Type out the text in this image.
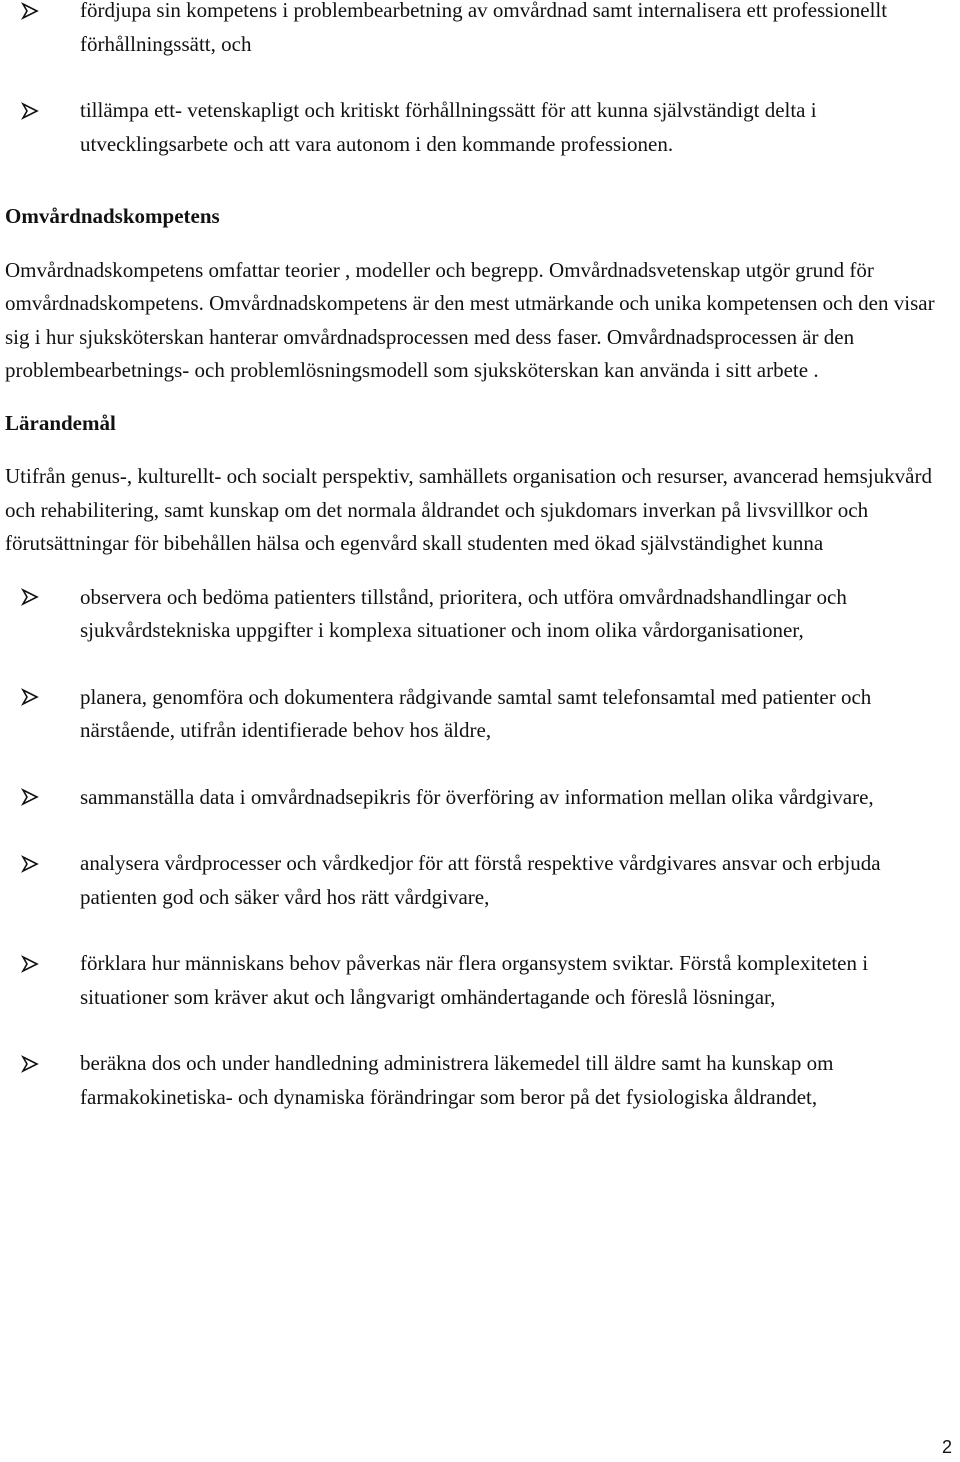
fördjupa sin kompetens i problembearbetning av omvårdnad samt internalisera ett professionellt förhållningssätt, och
tillämpa ett- vetenskapligt och kritiskt förhållningssätt för att kunna självständigt delta i utvecklingsarbete och att vara autonom i den kommande professionen.

Omvårdnadskompetens

Omvårdnadskompetens omfattar teorier , modeller och begrepp. Omvårdnadsvetenskap utgör grund för omvårdnadskompetens. Omvårdnadskompetens är den mest utmärkande och unika kompetensen och den visar sig i hur sjuksköterskan hanterar omvårdnadsprocessen med dess faser. Omvårdnadsprocessen är den problembearbetnings- och problemlösningsmodell som sjuksköterskan kan använda i sitt arbete .

Lärandemål

Utifrån genus-, kulturellt- och socialt perspektiv, samhällets organisation och resurser, avancerad hemsjukvård och rehabilitering, samt kunskap om det normala åldrandet och sjukdomars inverkan på livsvillkor och förutsättningar för bibehållen hälsa och egenvård skall studenten med ökad självständighet kunna

observera och bedöma patienters tillstånd, prioritera, och utföra omvårdnadshandlingar och sjukvårdstekniska uppgifter i komplexa situationer och inom olika vårdorganisationer,
planera, genomföra och dokumentera rådgivande samtal samt telefonsamtal med patienter och närstående, utifrån identifierade behov hos äldre,
sammanställa data i omvårdnadsepikris för överföring av information mellan olika vårdgivare,
analysera vårdprocesser och vårdkedjor för att förstå respektive vårdgivares ansvar och erbjuda patienten god och säker vård hos rätt vårdgivare,
förklara hur människans behov påverkas när flera organsystem sviktar. Förstå komplexiteten i situationer som kräver akut och långvarigt omhändertagande och föreslå lösningar,
beräkna dos och under handledning administrera läkemedel till äldre samt ha kunskap om farmakokinetiska- och dynamiska förändringar som beror på det fysiologiska åldrandet,
2
